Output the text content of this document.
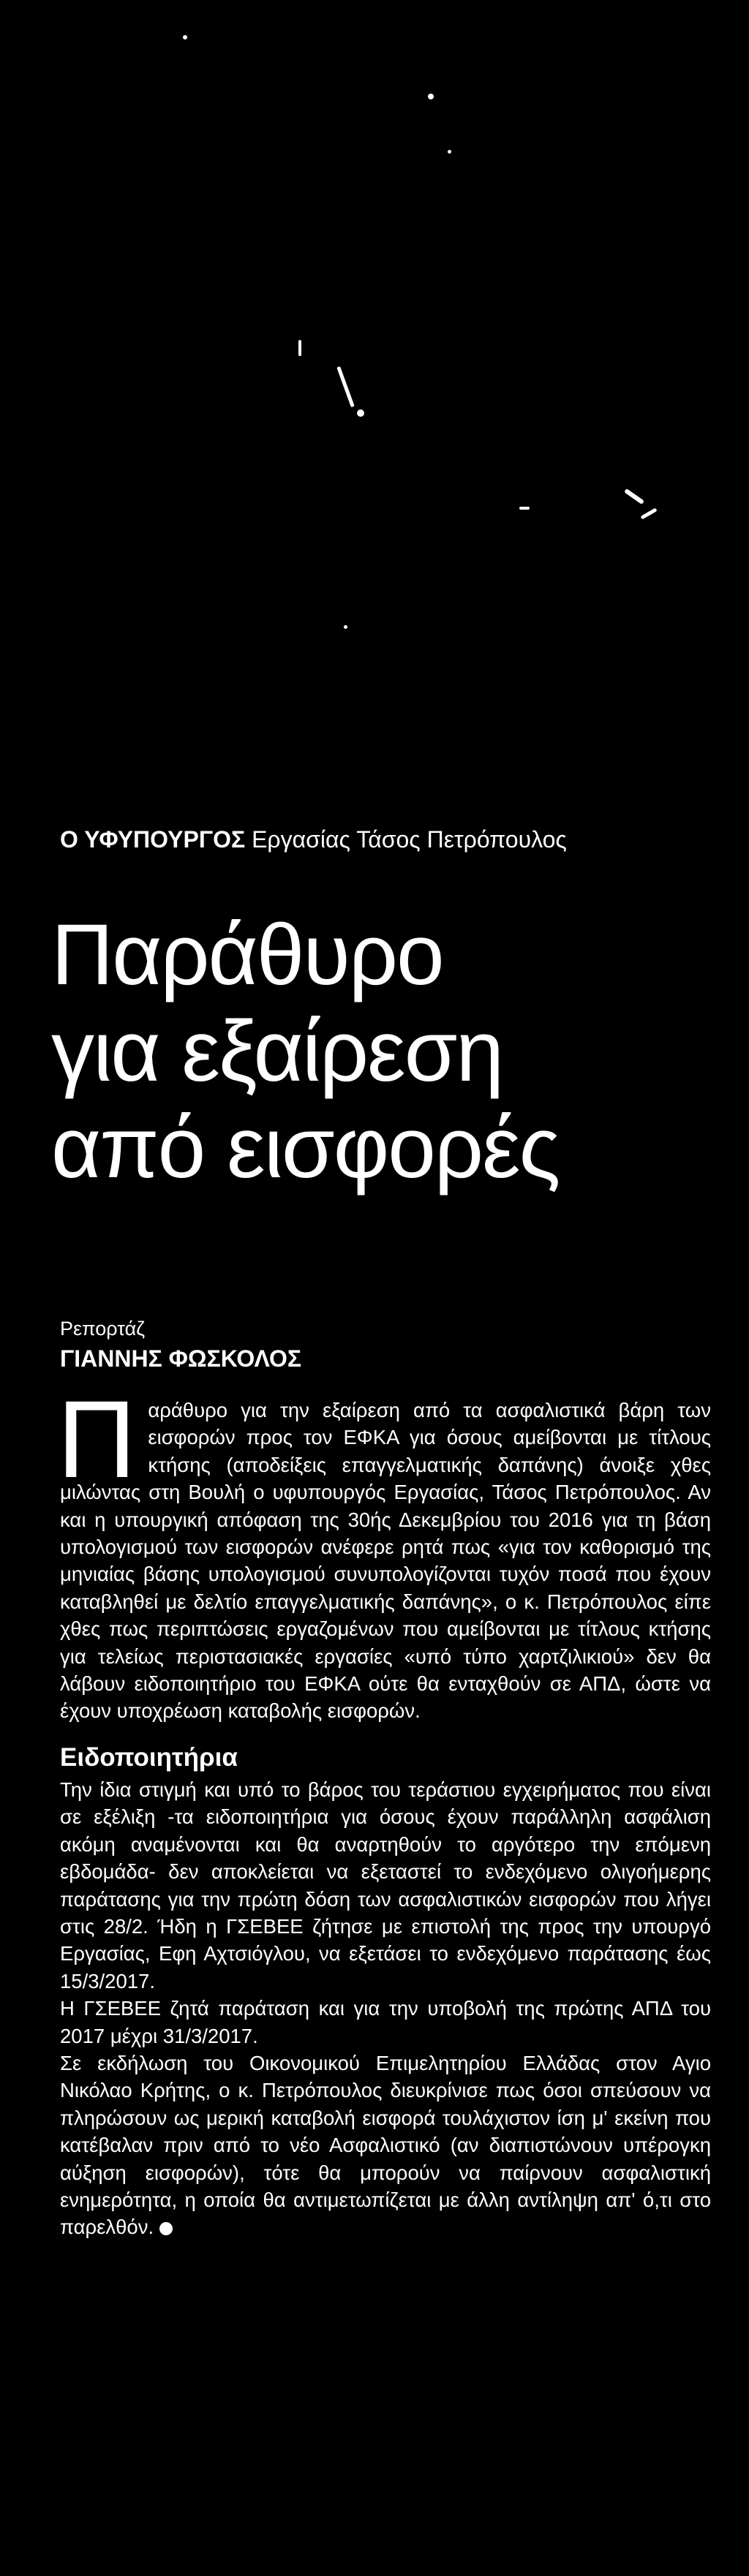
Ο ΥΦΥΠΟΥΡΓΟΣ Εργασίας Τάσος Πετρόπουλος
Παράθυρο
για εξαίρεση
από εισφορές
Ρεπορτάζ
ΓΙΑΝΝΗΣ ΦΩΣΚΟΛΟΣ

Παράθυρο για την εξαίρεση από τα ασφαλιστικά βάρη των εισφορών προς τον ΕΦΚΑ για όσους αμείβονται με τίτλους κτήσης (αποδείξεις επαγγελματικής δαπάνης) άνοιξε χθες μιλώντας στη Βουλή ο υφυπουργός Εργασίας, Τάσος Πετρόπουλος. Αν και η υπουργική απόφαση της 30ής Δεκεμβρίου του 2016 για τη βάση υπολογισμού των εισφορών ανέφερε ρητά πως «για τον καθορισμό της μηνιαίας βάσης υπολογισμού συνυπολογίζονται τυχόν ποσά που έχουν καταβληθεί με δελτίο επαγγελματικής δαπάνης», ο κ. Πετρόπουλος είπε χθες πως περιπτώσεις εργαζομένων που αμείβονται με τίτλους κτήσης για τελείως περιστασιακές εργασίες «υπό τύπο χαρτζιλικιού» δεν θα λάβουν ειδοποιητήριο του ΕΦΚΑ ούτε θα ενταχθούν σε ΑΠΔ, ώστε να έχουν υποχρέωση καταβολής εισφορών.

Ειδοποιητήρια

Την ίδια στιγμή και υπό το βάρος του τεράστιου εγχειρήματος που είναι σε εξέλιξη -τα ειδοποιητήρια για όσους έχουν παράλληλη ασφάλιση ακόμη αναμένονται και θα αναρτηθούν το αργότερο την επόμενη εβδομάδα- δεν αποκλείεται να εξεταστεί το ενδεχόμενο ολιγοήμερης παράτασης για την πρώτη δόση των ασφαλιστικών εισφορών που λήγει στις 28/2. Ήδη η ΓΣΕΒΕΕ ζήτησε με επιστολή της προς την υπουργό Εργασίας, Εφη Αχτσιόγλου, να εξετάσει το ενδεχόμενο παράτασης έως 15/3/2017.

Η ΓΣΕΒΕΕ ζητά παράταση και για την υποβολή της πρώτης ΑΠΔ του 2017 μέχρι 31/3/2017.

Σε εκδήλωση του Οικονομικού Επιμελητηρίου Ελλάδας στον Αγιο Νικόλαο Κρήτης, ο κ. Πετρόπουλος διευκρίνισε πως όσοι σπεύσουν να πληρώσουν ως μερική καταβολή εισφορά τουλάχιστον ίση μ' εκείνη που κατέβαλαν πριν από το νέο Ασφαλιστικό (αν διαπιστώνουν υπέρογκη αύξηση εισφορών), τότε θα μπορούν να παίρνουν ασφαλιστική ενημερότητα, η οποία θα αντιμετωπίζεται με άλλη αντίληψη απ' ό,τι στο παρελθόν.
